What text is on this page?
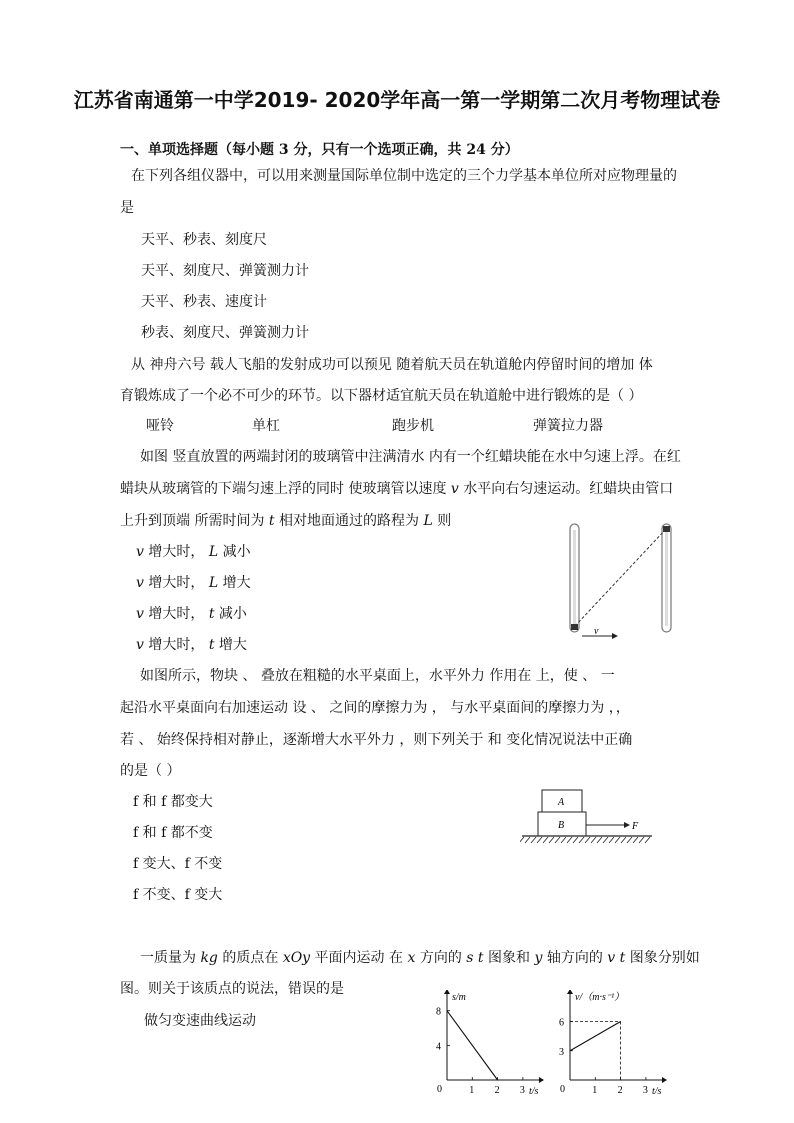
江苏省南通第一中学2019- 2020学年高一第一学期第二次月考物理试卷
一、单项选择题（每小题 3 分，只有一个选项正确，共 24 分）
在下列各组仪器中，可以用来测量国际单位制中选定的三个力学基本单位所对应物理量的
是
天平、秒表、刻度尺
天平、刻度尺、弹簧测力计
天平、秒表、速度计
秒表、刻度尺、弹簧测力计
从 神舟六号 载人飞船的发射成功可以预见 随着航天员在轨道舱内停留时间的增加 体
育锻炼成了一个必不可少的环节。以下器材适宜航天员在轨道舱中进行锻炼的是（ ）
哑铃	单杠	跑步机	弹簧拉力器
如图 竖直放置的两端封闭的玻璃管中注满清水 内有一个红蜡块能在水中匀速上浮。在红
蜡块从玻璃管的下端匀速上浮的同时 使玻璃管以速度 v 水平向右匀速运动。红蜡块由管口
上升到顶端 所需时间为 t 相对地面通过的路程为 L 则
v 增大时， L 减小
v 增大时， L 增大
v 增大时， t 减小
v 增大时， t 增大
v
如图所示，物块 、 叠放在粗糙的水平桌面上，水平外力 作用在 上，使 、 一
起沿水平桌面向右加速运动 设 、 之间的摩擦力为 ， 与水平桌面间的摩擦力为 ，，
若 、 始终保持相对静止，逐渐增大水平外力 ，则下列关于 和 变化情况说法中正确
的是（ ）
f 和 f 都变大
f 和 f 都不变
f 变大、f 不变
f 不变、f 变大
A
B	F
一质量为 kg 的质点在 xOy 平面内运动 在 x 方向的 s t 图象和 y 轴方向的 v t 图象分别如
图。则关于该质点的说法，错误的是
做匀变速曲线运动
s/m
t/s
0	1 2 3
8
4
v/（m·s⁻¹）
t/s
0	1 2 3
6
3
